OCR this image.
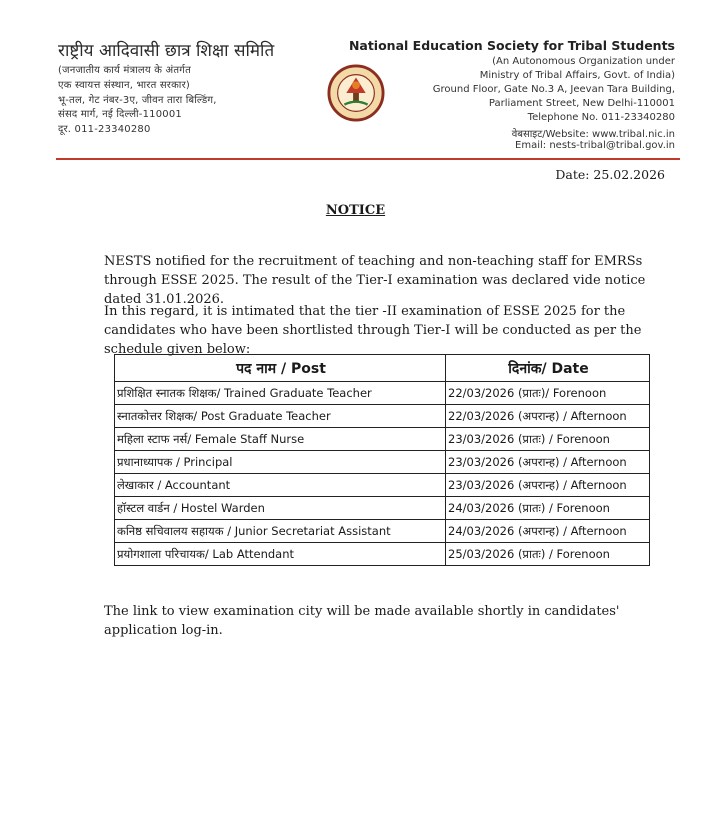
राष्ट्रीय आदिवासी छात्र शिक्षा समिति
(जनजातीय कार्य मंत्रालय के अंतर्गत
एक स्वायत्त संस्थान, भारत सरकार)
भू-तल, गेट नंबर-3ए, जीवन तारा बिल्डिंग,
संसद मार्ग, नई दिल्ली-110001
दूर. 011-23340280
National Education Society for Tribal Students
(An Autonomous Organization under
Ministry of Tribal Affairs, Govt. of India)
Ground Floor, Gate No.3 A, Jeevan Tara Building,
Parliament Street, New Delhi-110001
Telephone No. 011-23340280
वेबसाइट/Website: www.tribal.nic.in
Email: nests-tribal@tribal.gov.in
Date: 25.02.2026
NOTICE
NESTS notified for the recruitment of teaching and non-teaching staff for EMRSs through ESSE 2025. The result of the Tier-I examination was declared vide notice dated 31.01.2026.
In this regard, it is intimated that the tier -II examination of ESSE 2025 for the candidates who have been shortlisted through Tier-I will be conducted as per the schedule given below:
पद नाम / Post	दिनांक/ Date
प्रशिक्षित स्नातक शिक्षक/ Trained Graduate Teacher	22/03/2026 (प्रातः)/ Forenoon
स्नातकोत्तर शिक्षक/ Post Graduate Teacher	22/03/2026 (अपरान्ह) / Afternoon
महिला स्टाफ नर्स/ Female Staff Nurse	23/03/2026 (प्रातः) / Forenoon
प्रधानाध्यापक / Principal	23/03/2026 (अपरान्ह) / Afternoon
लेखाकार / Accountant	23/03/2026 (अपरान्ह) / Afternoon
हॉस्टल वार्डन / Hostel Warden	24/03/2026 (प्रातः) / Forenoon
कनिष्ठ सचिवालय सहायक / Junior Secretariat Assistant	24/03/2026 (अपरान्ह) / Afternoon
प्रयोगशाला परिचायक/ Lab Attendant	25/03/2026 (प्रातः) / Forenoon
The link to view examination city will be made available shortly in candidates' application log-in.
